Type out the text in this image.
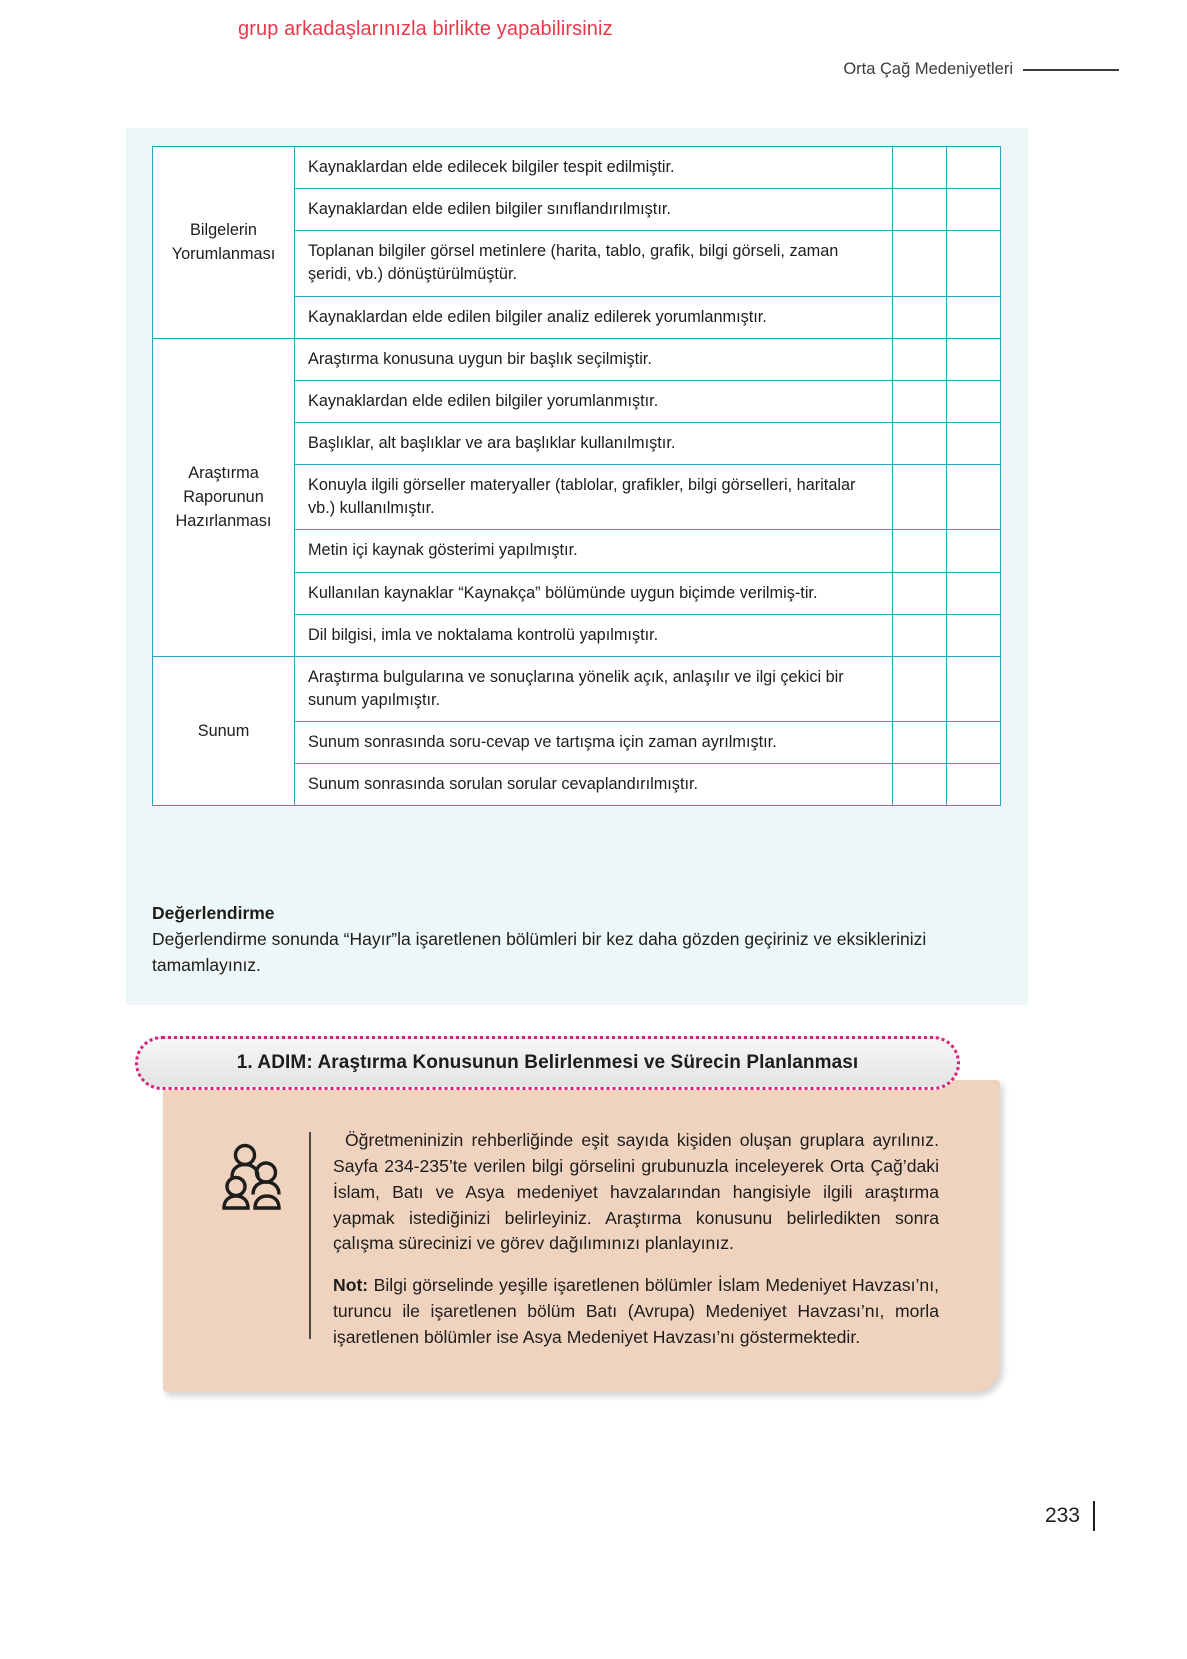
grup arkadaşlarınızla birlikte yapabilirsiniz
Orta Çağ Medeniyetleri
Bilgelerin
Yorumlanması	Kaynaklardan elde edilecek bilgiler tespit edilmiştir.		
	Kaynaklardan elde edilen bilgiler sınıflandırılmıştır.		
	Toplanan bilgiler görsel metinlere (harita, tablo, grafik, bilgi görseli, zaman şeridi, vb.) dönüştürülmüştür.		
	Kaynaklardan elde edilen bilgiler analiz edilerek yorumlanmıştır.		
Araştırma
Raporunun
Hazırlanması	Araştırma konusuna uygun bir başlık seçilmiştir.		
	Kaynaklardan elde edilen bilgiler yorumlanmıştır.		
	Başlıklar, alt başlıklar ve ara başlıklar kullanılmıştır.		
	Konuyla ilgili görseller materyaller (tablolar, grafikler, bilgi görselleri, haritalar vb.) kullanılmıştır.		
	Metin içi kaynak gösterimi yapılmıştır.		
	Kullanılan kaynaklar “Kaynakça” bölümünde uygun biçimde verilmiş-tir.		
	Dil bilgisi, imla ve noktalama kontrolü yapılmıştır.		
Sunum	Araştırma bulgularına ve sonuçlarına yönelik açık, anlaşılır ve ilgi çekici bir sunum yapılmıştır.		
	Sunum sonrasında soru-cevap ve tartışma için zaman ayrılmıştır.		
	Sunum sonrasında sorulan sorular cevaplandırılmıştır.		
Değerlendirme

Değerlendirme sonunda “Hayır”la işaretlenen bölümleri bir kez daha gözden geçiriniz ve eksiklerinizi tamamlayınız.

1. ADIM: Araştırma Konusunun Belirlenmesi ve Sürecin Planlanması

Öğretmeninizin rehberliğinde eşit sayıda kişiden oluşan gruplara ayrılınız. Sayfa 234-235’te verilen bilgi görselini grubunuzla inceleyerek Orta Çağ’daki İslam, Batı ve Asya medeniyet havzalarından hangisiyle ilgili araştırma yapmak istediğinizi belirleyiniz. Araştırma konusunu belirledikten sonra çalışma sürecinizi ve görev dağılımınızı planlayınız.

Not: Bilgi görselinde yeşille işaretlenen bölümler İslam Medeniyet Havzası’nı, turuncu ile işaretlenen bölüm Batı (Avrupa) Medeniyet Havzası’nı, morla işaretlenen bölümler ise Asya Medeniyet Havzası’nı göstermektedir.

233
